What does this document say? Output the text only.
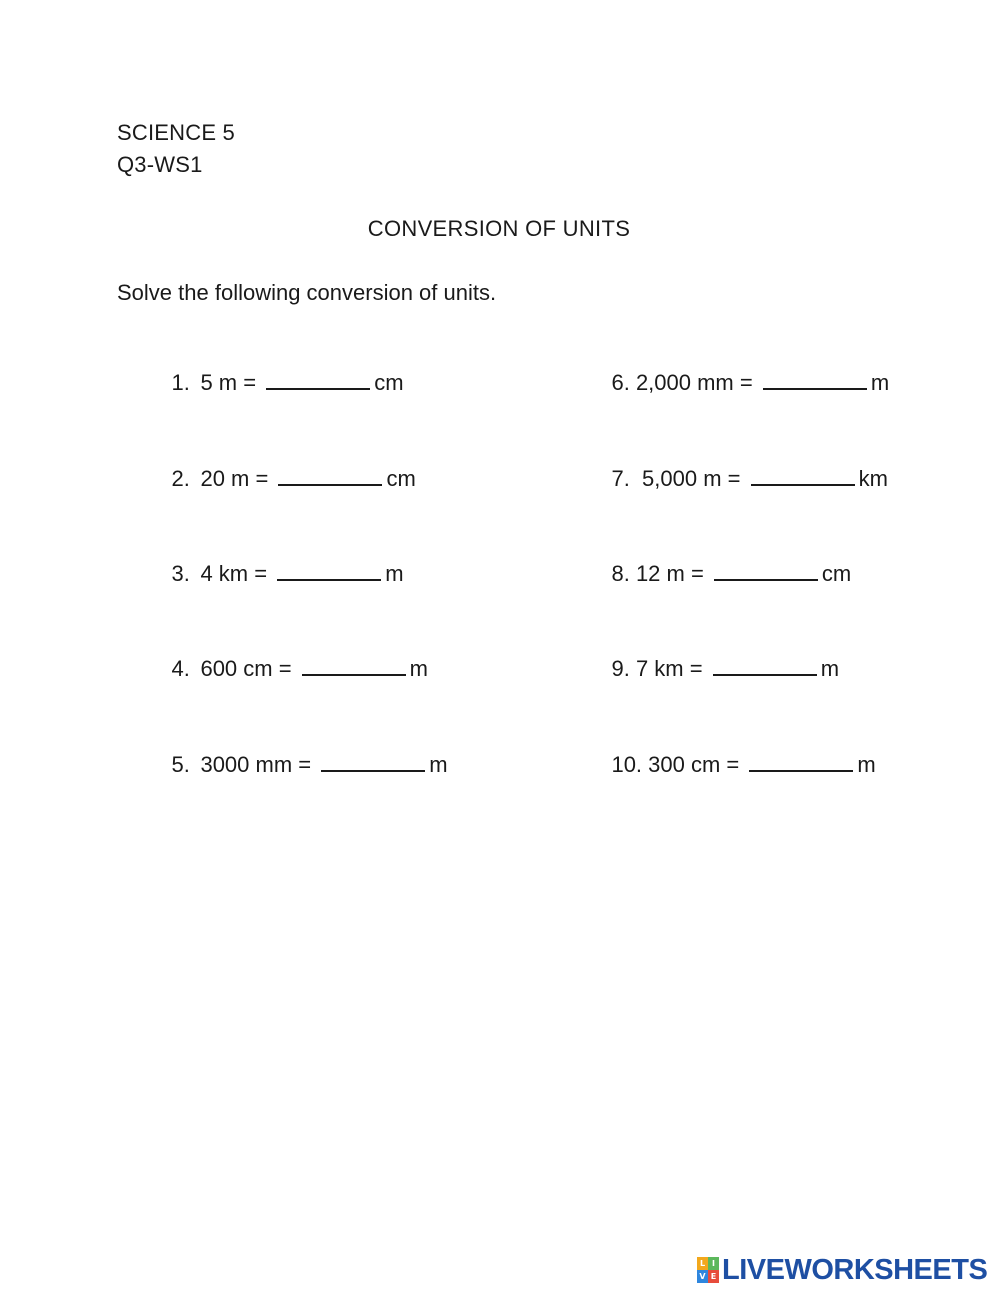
SCIENCE 5
Q3-WS1
CONVERSION OF UNITS
Solve the following conversion of units.

1. 5 m =	cm

2. 20 m =	cm

3. 4 km =	m

4. 600 cm =	m

5. 3000 mm =	m

6. 2,000 mm =	m

7. 5,000 m =	km

8. 12 m =	cm

9. 7 km =	m

10. 300 cm =	m

L I
V E LIVEWORKSHEETS
